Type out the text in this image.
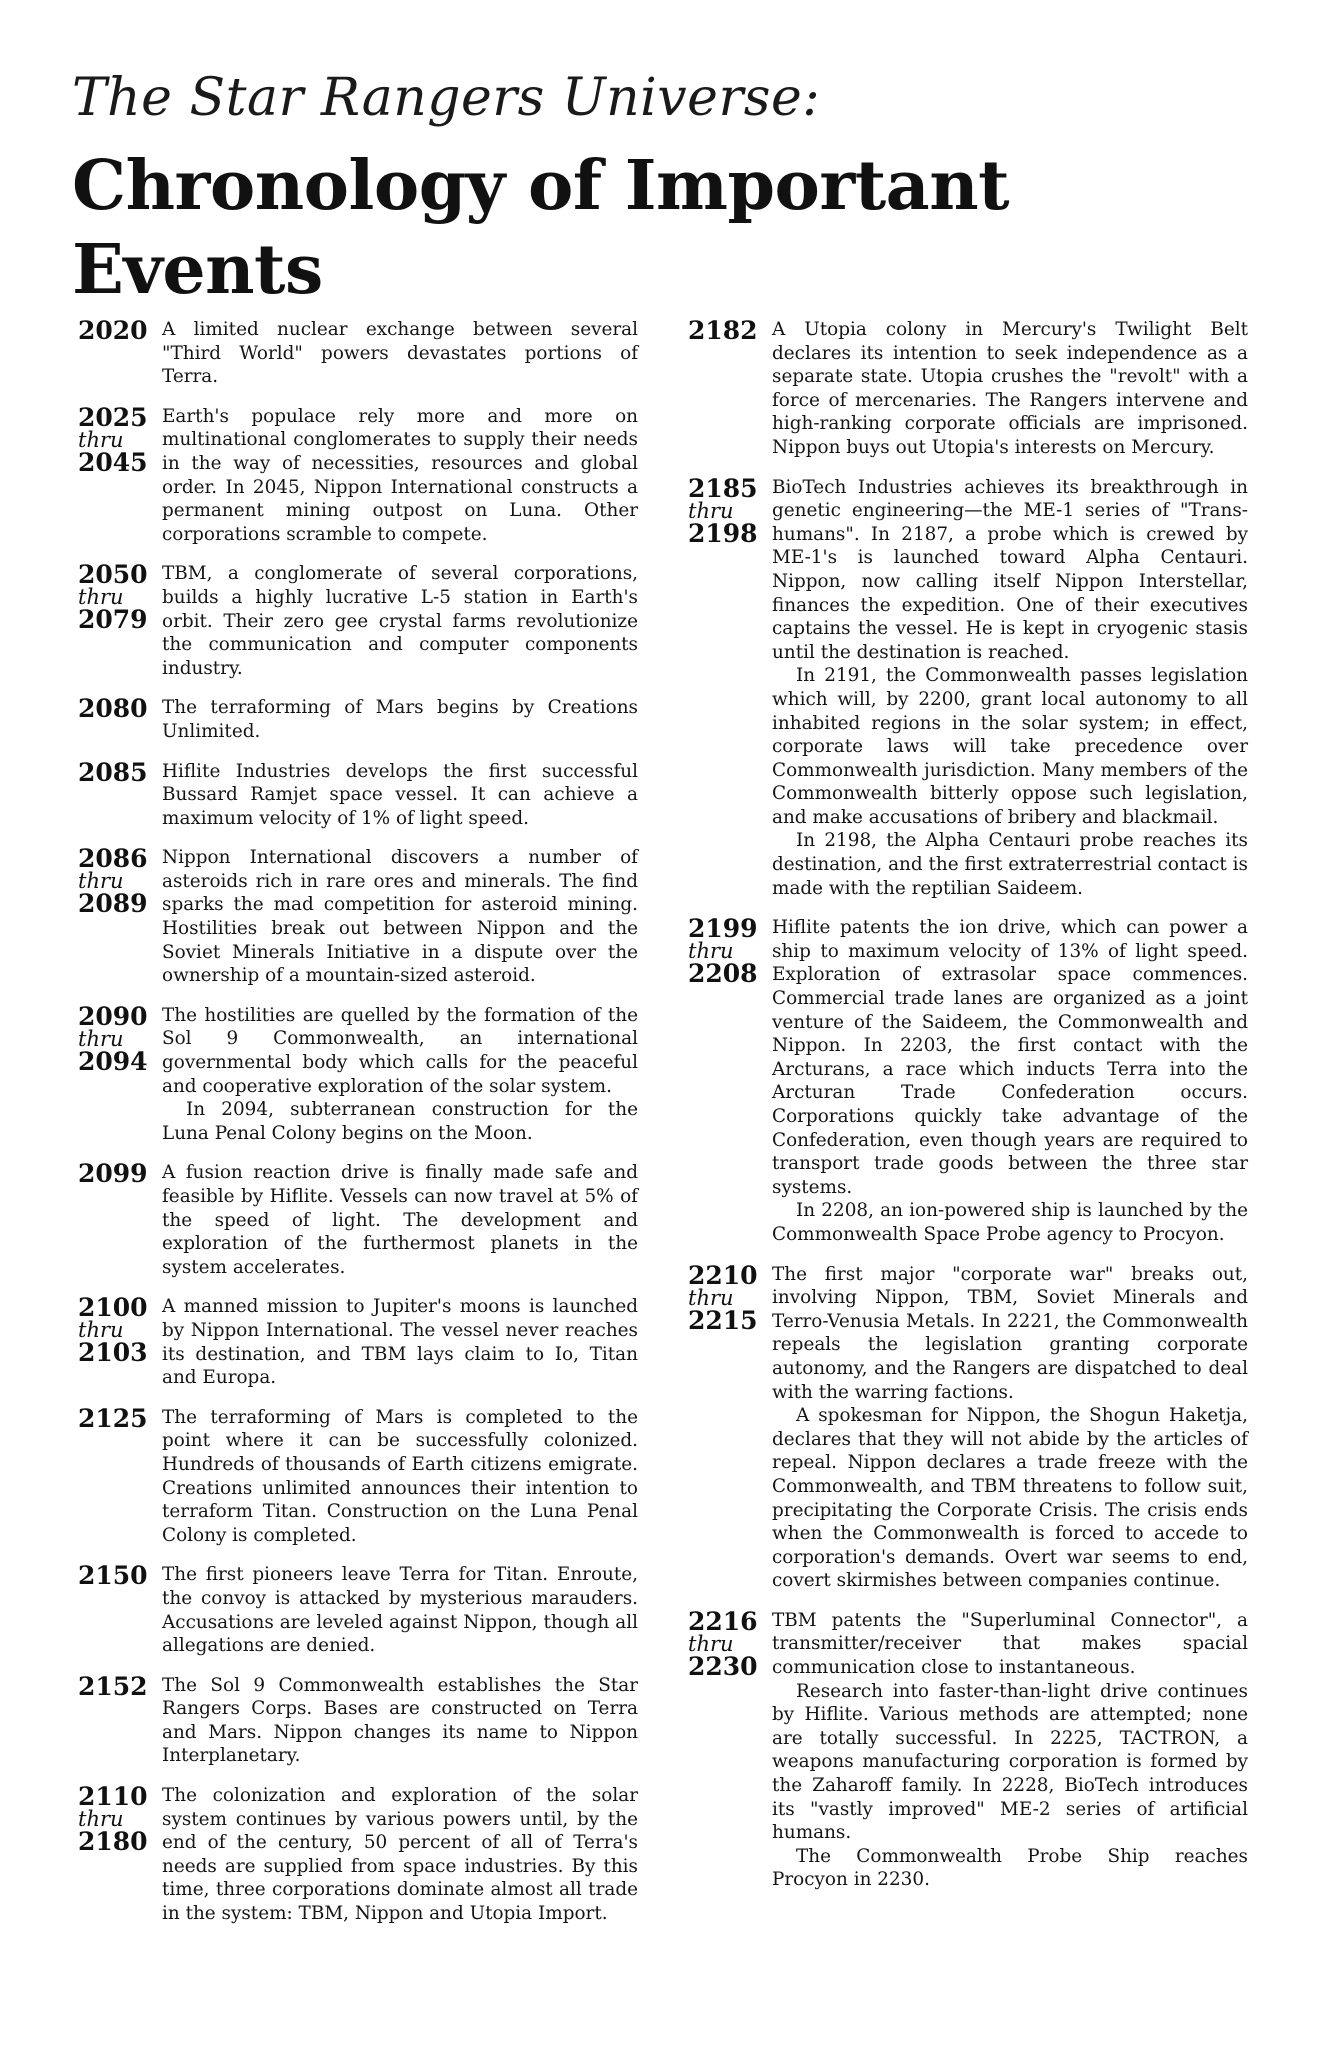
The Star Rangers Universe:
Chronology of Important Events
2020 A limited nuclear exchange between several "Third World" powers devastates portions of Terra.
2025
thru
2045
Earth's populace rely more and more on multinational conglomerates to supply their needs in the way of necessities, resources and global order. In 2045, Nippon International constructs a permanent mining outpost on Luna. Other corporations scramble to compete.
2050
thru
2079
TBM, a conglomerate of several corporations, builds a highly lucrative L-5 station in Earth's orbit. Their zero gee crystal farms revolutionize the communication and computer components industry.
2080 The terraforming of Mars begins by Creations Unlimited.
2085 Hiflite Industries develops the first successful Bussard Ramjet space vessel. It can achieve a maximum velocity of 1% of light speed.
2086
thru
2089
Nippon International discovers a number of asteroids rich in rare ores and minerals. The find sparks the mad competition for asteroid mining. Hostilities break out between Nippon and the Soviet Minerals Initiative in a dispute over the ownership of a mountain-sized asteroid.
2090
thru
2094
The hostilities are quelled by the formation of the Sol 9 Commonwealth, an international governmental body which calls for the peaceful and cooperative exploration of the solar system.
In 2094, subterranean construction for the Luna Penal Colony begins on the Moon.
2099 A fusion reaction drive is finally made safe and feasible by Hiflite. Vessels can now travel at 5% of the speed of light. The development and exploration of the furthermost planets in the system accelerates.
2100
thru
2103
A manned mission to Jupiter's moons is launched by Nippon International. The vessel never reaches its destination, and TBM lays claim to Io, Titan and Europa.
2125 The terraforming of Mars is completed to the point where it can be successfully colonized. Hundreds of thousands of Earth citizens emigrate. Creations unlimited announces their intention to terraform Titan. Construction on the Luna Penal Colony is completed.
2150 The first pioneers leave Terra for Titan. Enroute, the convoy is attacked by mysterious marauders. Accusations are leveled against Nippon, though all allegations are denied.
2152 The Sol 9 Commonwealth establishes the Star Rangers Corps. Bases are constructed on Terra and Mars. Nippon changes its name to Nippon Interplanetary.
2110
thru
2180
The colonization and exploration of the solar system continues by various powers until, by the end of the century, 50 percent of all of Terra's needs are supplied from space industries. By this time, three corporations dominate almost all trade in the system: TBM, Nippon and Utopia Import.
2182 A Utopia colony in Mercury's Twilight Belt declares its intention to seek independence as a separate state. Utopia crushes the "revolt" with a force of mercenaries. The Rangers intervene and high-ranking corporate officials are imprisoned. Nippon buys out Utopia's interests on Mercury.
2185
thru
2198
BioTech Industries achieves its breakthrough in genetic engineering—the ME-1 series of "Trans-humans". In 2187, a probe which is crewed by ME-1's is launched toward Alpha Centauri. Nippon, now calling itself Nippon Interstellar, finances the expedition. One of their executives captains the vessel. He is kept in cryogenic stasis until the destination is reached.
In 2191, the Commonwealth passes legislation which will, by 2200, grant local autonomy to all inhabited regions in the solar system; in effect, corporate laws will take precedence over Commonwealth jurisdiction. Many members of the Commonwealth bitterly oppose such legislation, and make accusations of bribery and blackmail.
In 2198, the Alpha Centauri probe reaches its destination, and the first extraterrestrial contact is made with the reptilian Saideem.
2199
thru
2208
Hiflite patents the ion drive, which can power a ship to maximum velocity of 13% of light speed. Exploration of extrasolar space commences. Commercial trade lanes are organized as a joint venture of the Saideem, the Commonwealth and Nippon. In 2203, the first contact with the Arcturans, a race which inducts Terra into the Arcturan Trade Confederation occurs. Corporations quickly take advantage of the Confederation, even though years are required to transport trade goods between the three star systems.
In 2208, an ion-powered ship is launched by the Commonwealth Space Probe agency to Procyon.
2210
thru
2215
The first major "corporate war" breaks out, involving Nippon, TBM, Soviet Minerals and Terro-Venusia Metals. In 2221, the Commonwealth repeals the legislation granting corporate autonomy, and the Rangers are dispatched to deal with the warring factions.
A spokesman for Nippon, the Shogun Haketja, declares that they will not abide by the articles of repeal. Nippon declares a trade freeze with the Commonwealth, and TBM threatens to follow suit, precipitating the Corporate Crisis. The crisis ends when the Commonwealth is forced to accede to corporation's demands. Overt war seems to end, covert skirmishes between companies continue.
2216
thru
2230
TBM patents the "Superluminal Connector", a transmitter/receiver that makes spacial communication close to instantaneous.
Research into faster-than-light drive continues by Hiflite. Various methods are attempted; none are totally successful. In 2225, TACTRON, a weapons manufacturing corporation is formed by the Zaharoff family. In 2228, BioTech introduces its "vastly improved" ME-2 series of artificial humans.
The Commonwealth Probe Ship reaches Procyon in 2230.
